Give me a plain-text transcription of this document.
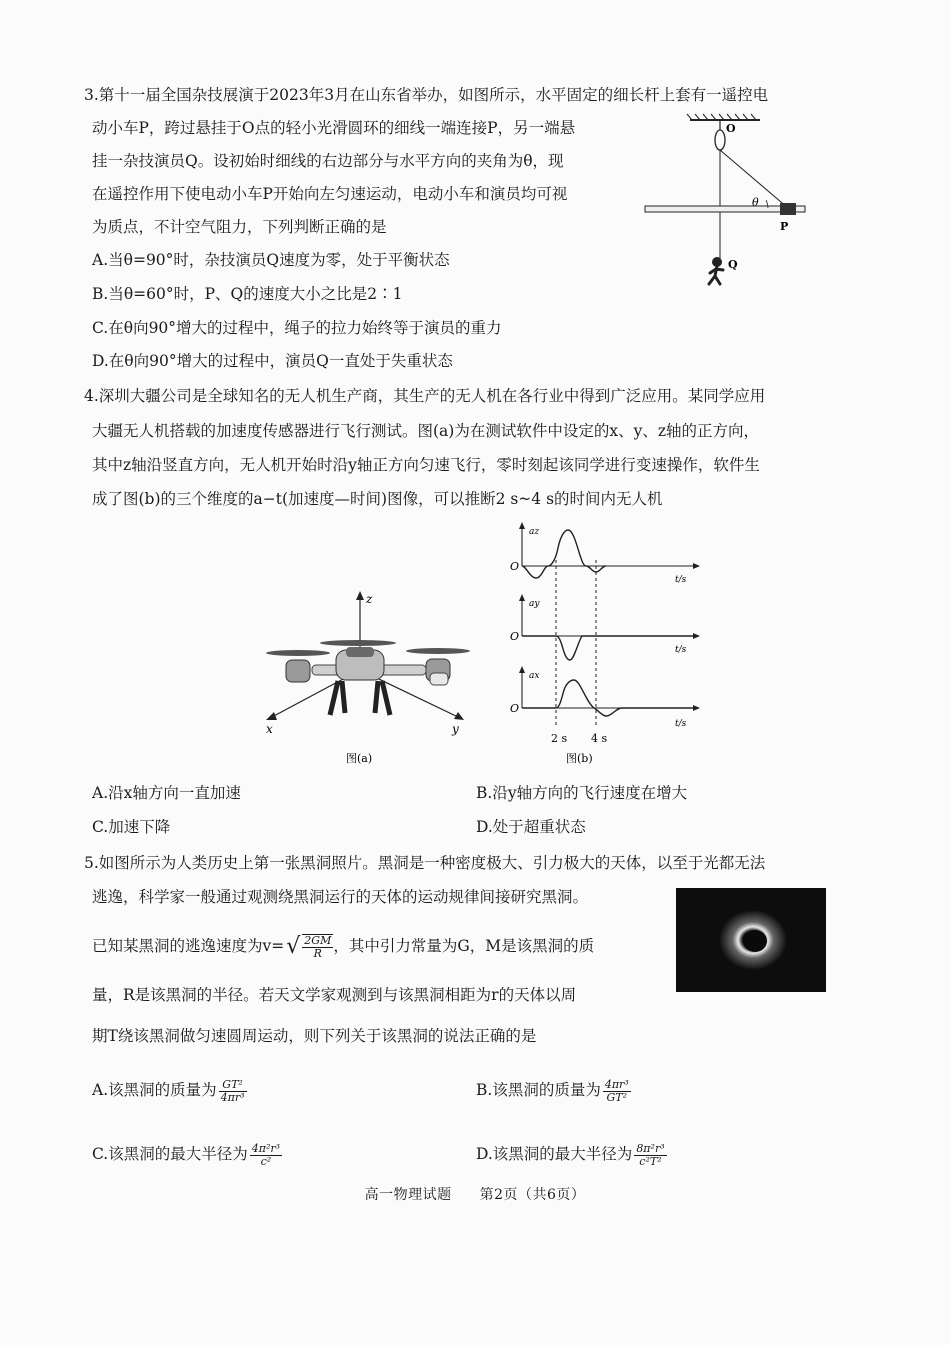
3.第十一届全国杂技展演于2023年3月在山东省举办，如图所示，水平固定的细长杆上套有一遥控电
动小车P，跨过悬挂于O点的轻小光滑圆环的细线一端连接P，另一端悬
挂一杂技演员Q。设初始时细线的右边部分与水平方向的夹角为θ，现
在遥控作用下使电动小车P开始向左匀速运动，电动小车和演员均可视
为质点，不计空气阻力，下列判断正确的是
A.当θ=90°时，杂技演员Q速度为零，处于平衡状态
B.当θ=60°时，P、Q的速度大小之比是2∶1
C.在θ向90°增大的过程中，绳子的拉力始终等于演员的重力
D.在θ向90°增大的过程中，演员Q一直处于失重状态
O
θ
P
Q
4.深圳大疆公司是全球知名的无人机生产商，其生产的无人机在各行业中得到广泛应用。某同学应用
大疆无人机搭载的加速度传感器进行飞行测试。图(a)为在测试软件中设定的x、y、z轴的正方向，
其中z轴沿竖直方向，无人机开始时沿y轴正方向匀速飞行，零时刻起该同学进行变速操作，软件生
成了图(b)的三个维度的a−t(加速度—时间)图像，可以推断2 s~4 s的时间内无人机
z
x	y
图(a)
az
O
t/s
ay
O
t/s
ax
O
t/s
2 s 4 s
图(b)
A.沿x轴方向一直加速	B.沿y轴方向的飞行速度在增大
C.加速下降	D.处于超重状态
5.如图所示为人类历史上第一张黑洞照片。黑洞是一种密度极大、引力极大的天体，以至于光都无法
逃逸，科学家一般通过观测绕黑洞运行的天体的运动规律间接研究黑洞。
已知某黑洞的逃逸速度为$v=√ \frac{2GM}{R}$ ，其中引力常量为G，M是该黑洞的质
量，R是该黑洞的半径。若天文学家观测到与该黑洞相距为r的天体以周
期T绕该黑洞做匀速圆周运动，则下列关于该黑洞的说法正确的是
A.该黑洞的质量为 $\frac{\text{GT²}}{\text{4πr³}}$	B.该黑洞的质量为 $\frac{\text{4πr³}}{\text{GT²}}$
C.该黑洞的最大半径为 $\frac{\text{4π²r³}}{\text{c²}}$	D.该黑洞的最大半径为 $\frac{\text{8π²r³}}{\text{c²T²}}$
高一物理试题 第2页（共6页）
